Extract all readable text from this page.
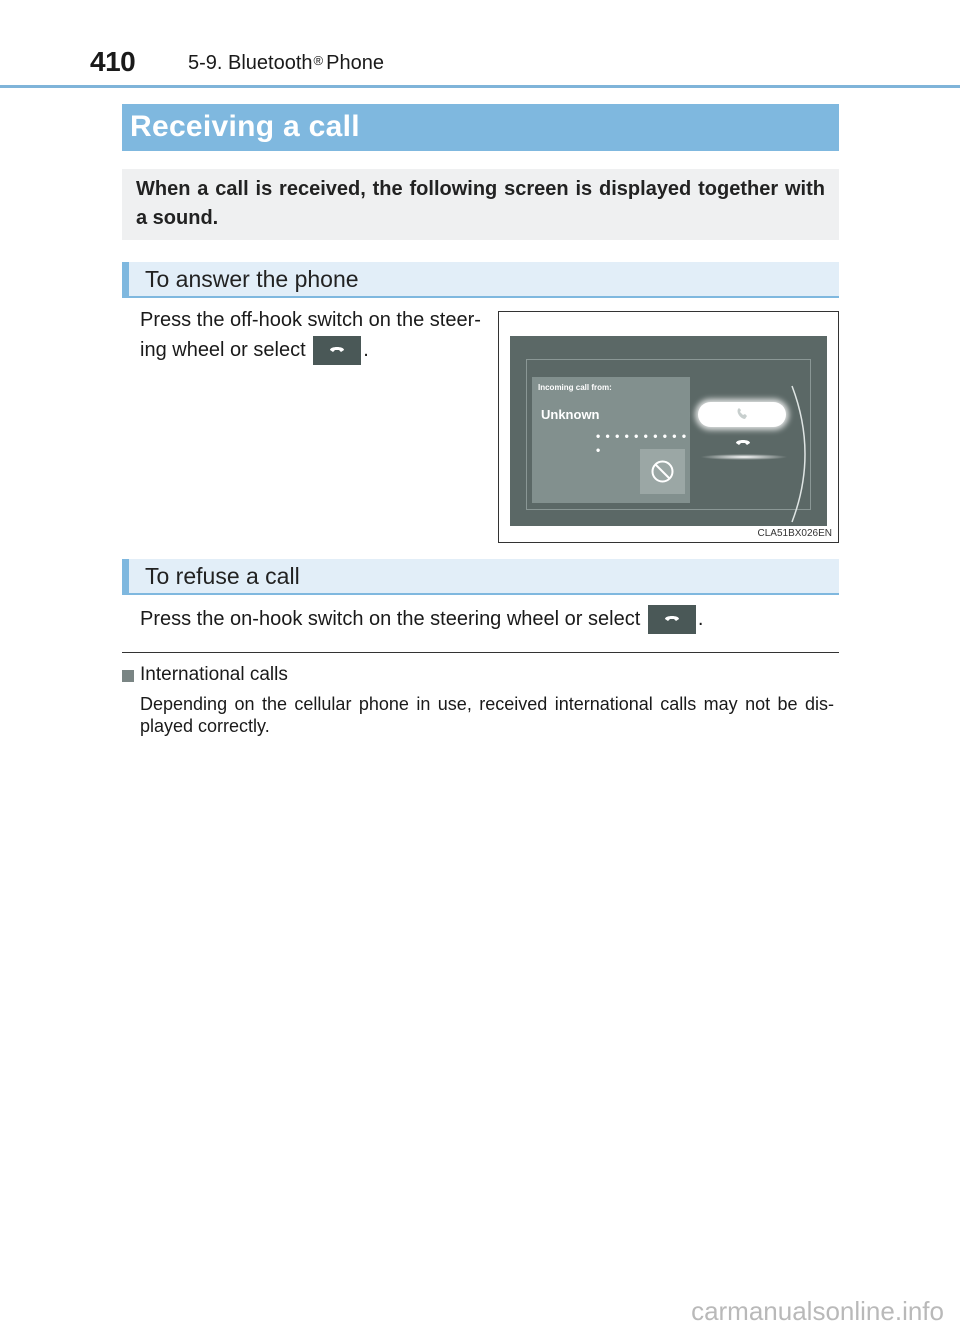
410	5-9. Bluetooth® Phone
Receiving a call
When a call is received, the following screen is displayed together with a sound.
To answer the phone
Press the off-hook switch on the steer-
ing wheel or select	.
Incoming call from:
Unknown
• • • • • • • • • • •
CLA51BX026EN
To refuse a call
Press the on-hook switch on the steering wheel or select	.
International calls
Depending on the cellular phone in use, received international calls may not be dis- played correctly.
carmanualsonline.info
